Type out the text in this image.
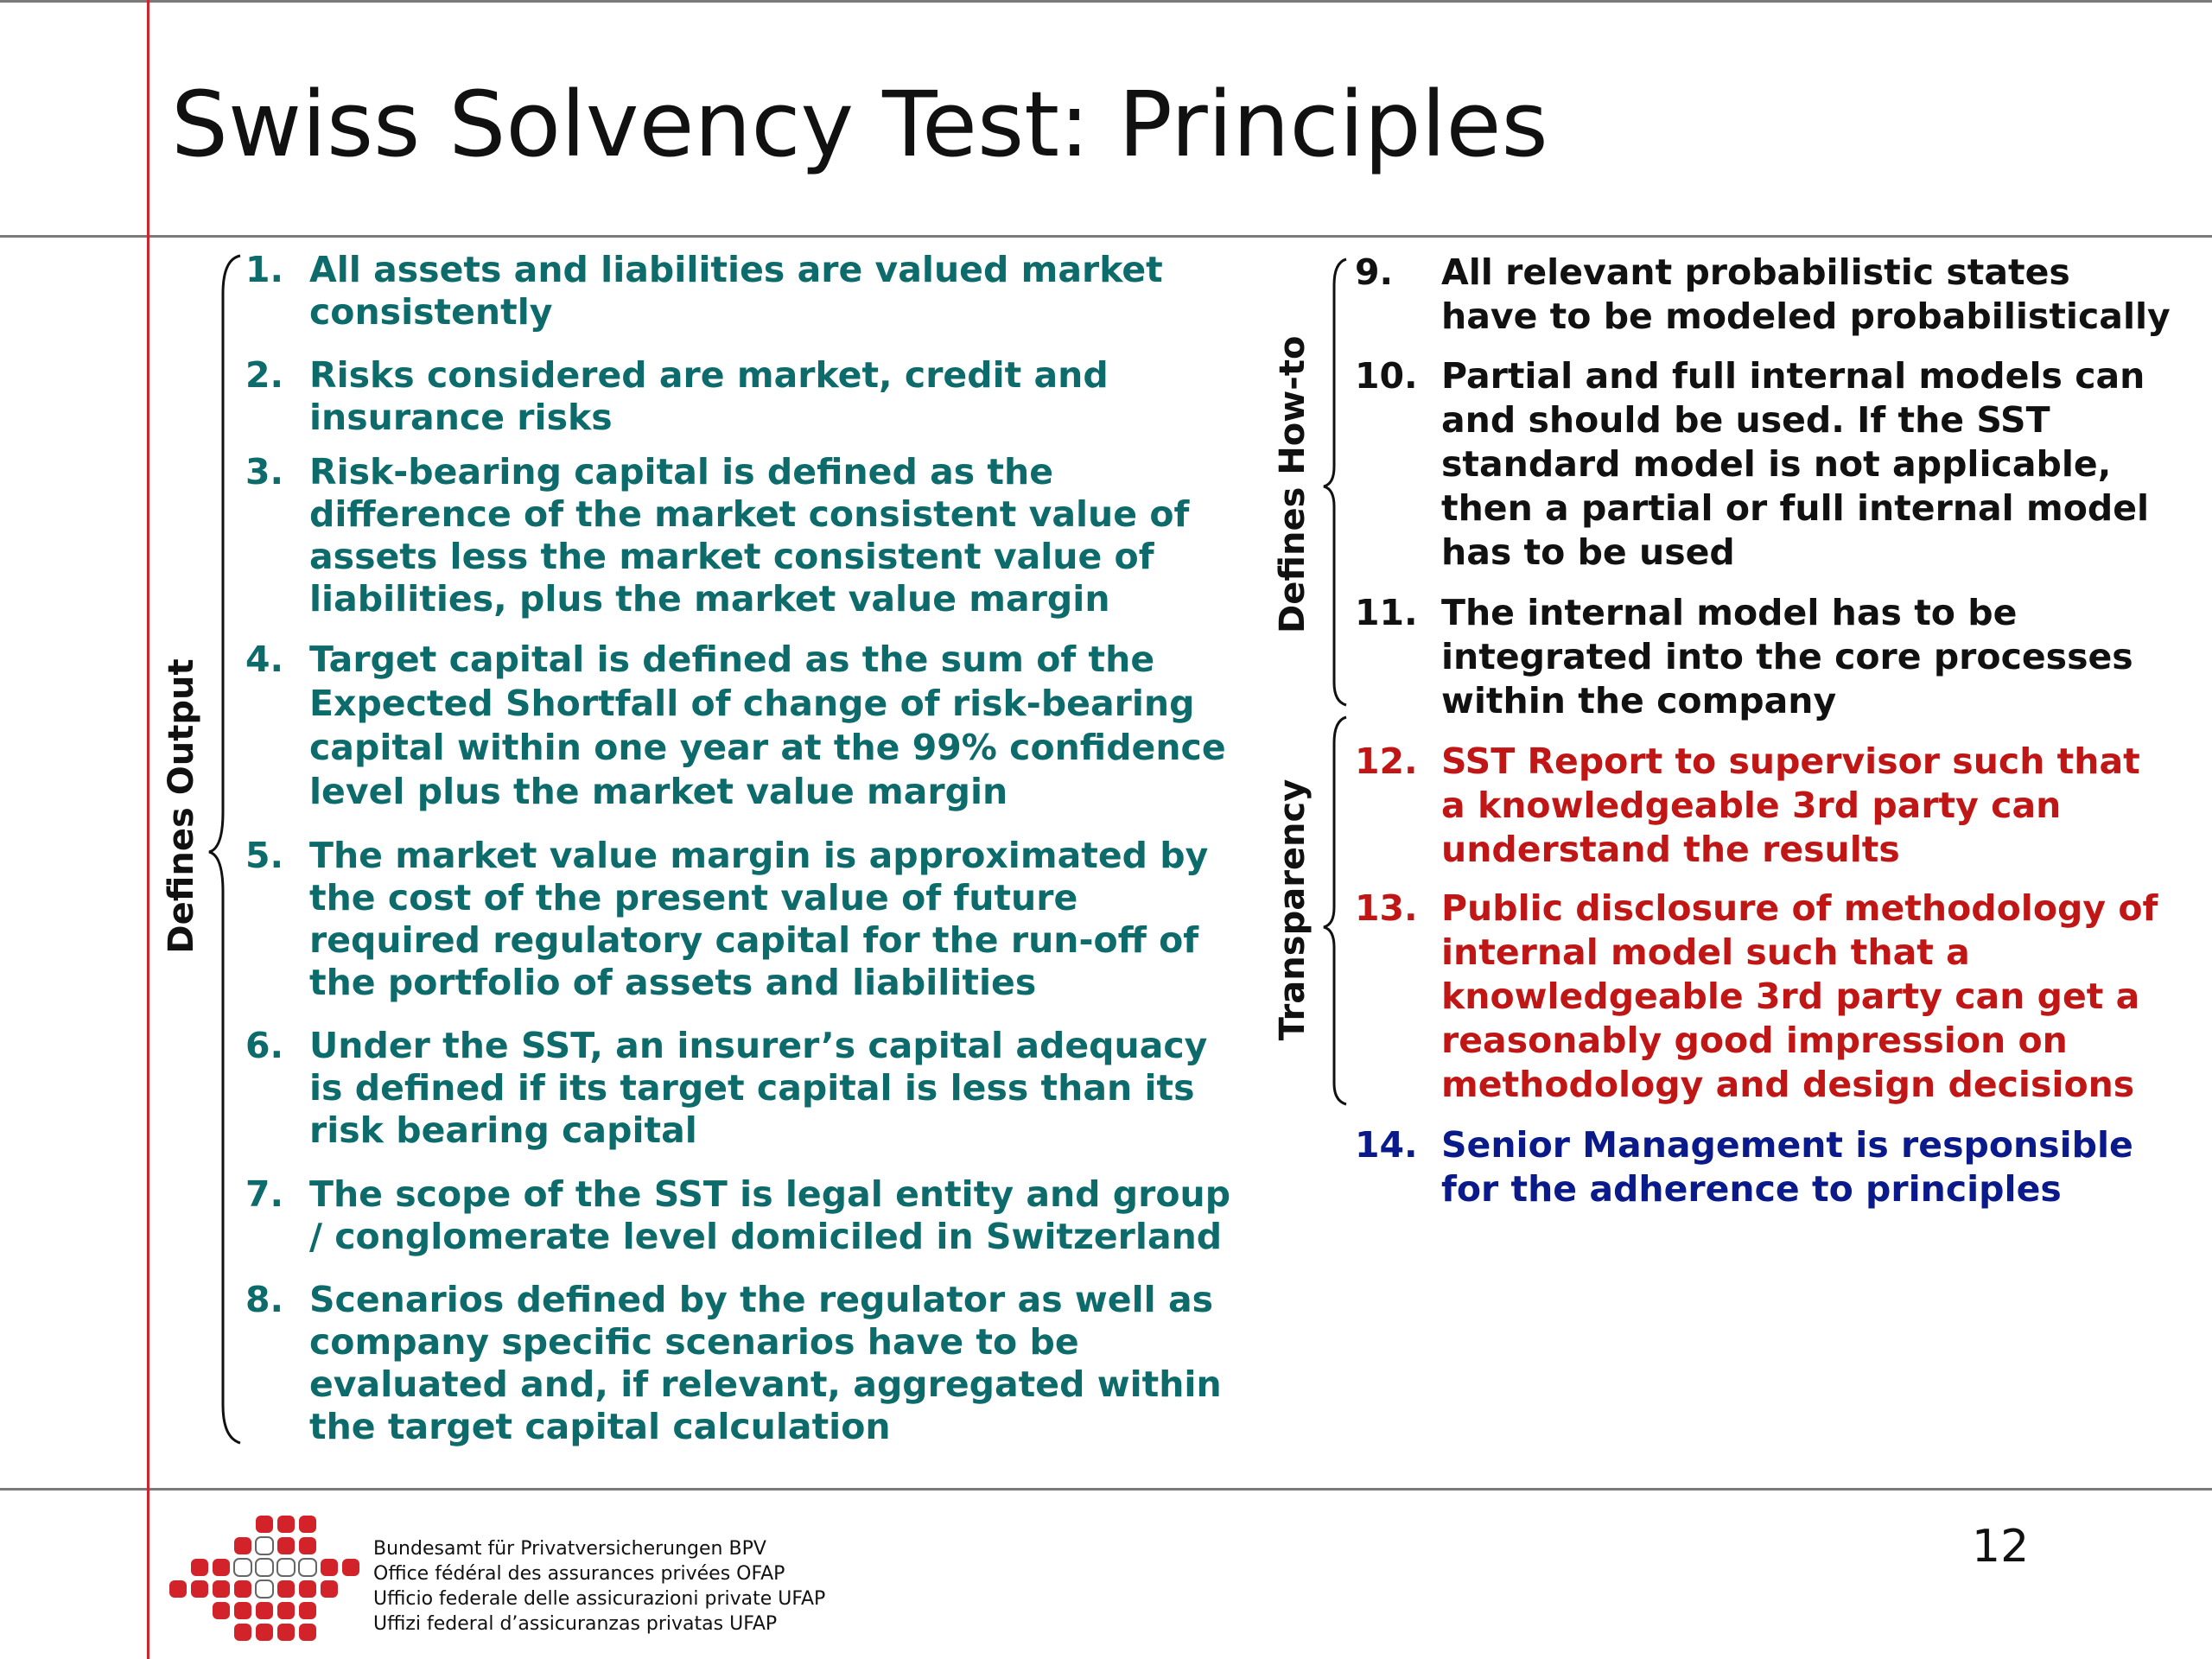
Swiss Solvency Test: Principles
Defines Output
Defines How-to
Transparency
1. All assets and liabilities are valued market
consistently
2. Risks considered are market, credit and
insurance risks
3. Risk-bearing capital is defined as the
difference of the market consistent value of
assets less the market consistent value of
liabilities, plus the market value margin
4. Target capital is defined as the sum of the
Expected Shortfall of change of risk-bearing
capital within one year at the 99% confidence
level plus the market value margin
5. The market value margin is approximated by
the cost of the present value of future
required regulatory capital for the run-off of
the portfolio of assets and liabilities
6. Under the SST, an insurer’s capital adequacy
is defined if its target capital is less than its
risk bearing capital
7. The scope of the SST is legal entity and group
/ conglomerate level domiciled in Switzerland
8. Scenarios defined by the regulator as well as
company specific scenarios have to be
evaluated and, if relevant, aggregated within
the target capital calculation
9. All relevant probabilistic states
have to be modeled probabilistically
10. Partial and full internal models can
and should be used. If the SST
standard model is not applicable,
then a partial or full internal model
has to be used
11. The internal model has to be
integrated into the core processes
within the company
12. SST Report to supervisor such that
a knowledgeable 3rd party can
understand the results
13. Public disclosure of methodology of
internal model such that a
knowledgeable 3rd party can get a
reasonably good impression on
methodology and design decisions
14. Senior Management is responsible
for the adherence to principles
Bundesamt für Privatversicherungen BPV
Office fédéral des assurances privées OFAP
Ufficio federale delle assicurazioni private UFAP
Uffizi federal d’assicuranzas privatas UFAP
12
